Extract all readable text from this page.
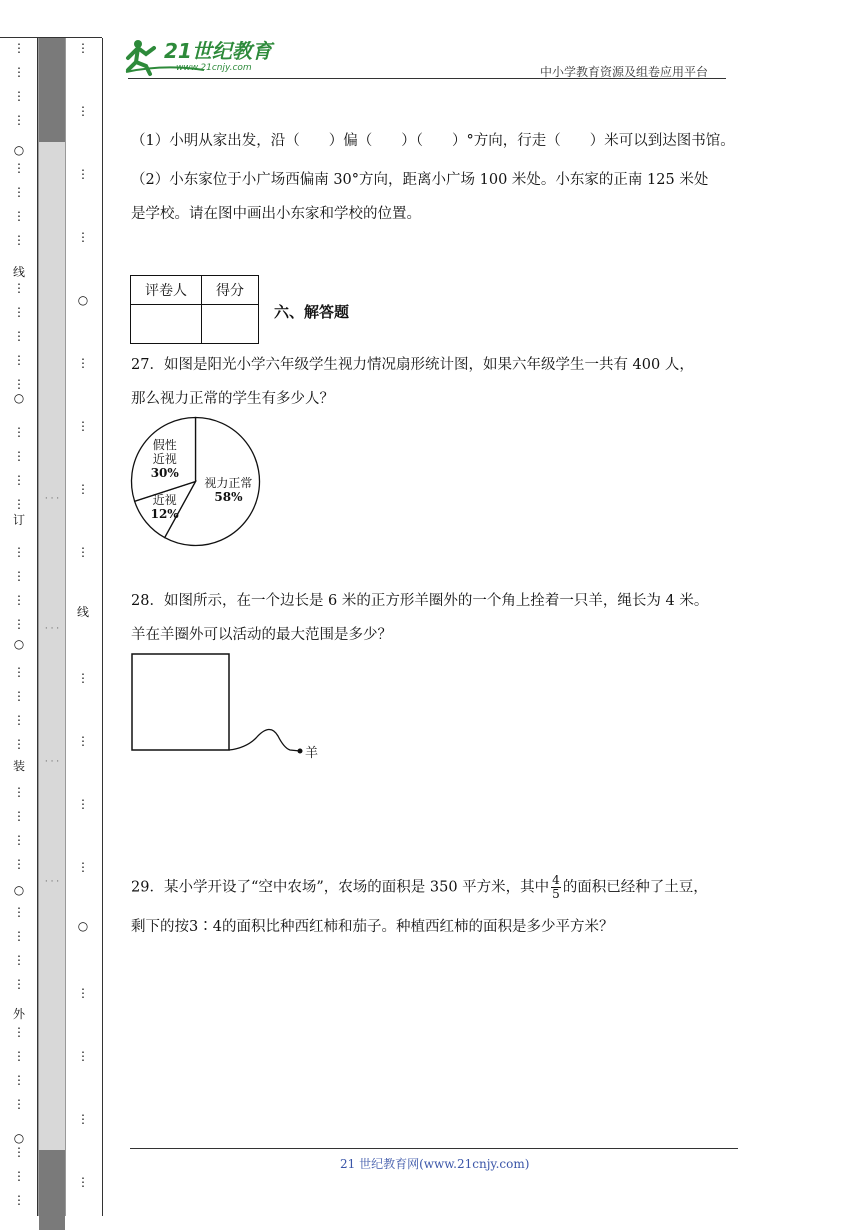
⋮
⋮
⋮
⋮
⋮
⋮
⋮
⋮
⋮
⋮
⋮
⋮
⋮
⋮
⋮
⋮
⋮
⋮
⋮
⋮
⋮
⋮
⋮
⋮
⋮
⋮
⋮
⋮
⋮
⋮
⋮
⋮
⋮
⋮
⋮
⋮
⋮
⋮
⋮
⋮
○
○
○
○
○
线
订
装
外
· · ·
· · ·
· · ·
· · ·
⋮
⋮
⋮
⋮
⋮
⋮
⋮
⋮
⋮
⋮
⋮
⋮
⋮
⋮
⋮
⋮
○
○
线
21世纪教育
www.21cnjy.com	中小学教育资源及组卷应用平台
（1）小明从家出发，沿（　　）偏（　　）（　　）°方向，行走（　　）米可以到达图书馆。
（2）小东家位于小广场西偏南 30°方向，距离小广场 100 米处。小东家的正南 125 米处
是学校。请在图中画出小东家和学校的位置。
评卷人	得分

六、解答题
27．如图是阳光小学六年级学生视力情况扇形统计图，如果六年级学生一共有 400 人，
那么视力正常的学生有多少人？
视力正常
58%
近视
12%
假性
近视
30%
28．如图所示，在一个边长是 6 米的正方形羊圈外的一个角上拴着一只羊，绳长为 4 米。
羊在羊圈外可以活动的最大范围是多少？
羊
29．某小学开设了“空中农场”，农场的面积是 350 平方米，其中 $\frac{4}{5}$ 的面积已经种了土豆，
剩下的按3∶4的面积比种西红柿和茄子。种植西红柿的面积是多少平方米？
21 世纪教育网(www.21cnjy.com)
